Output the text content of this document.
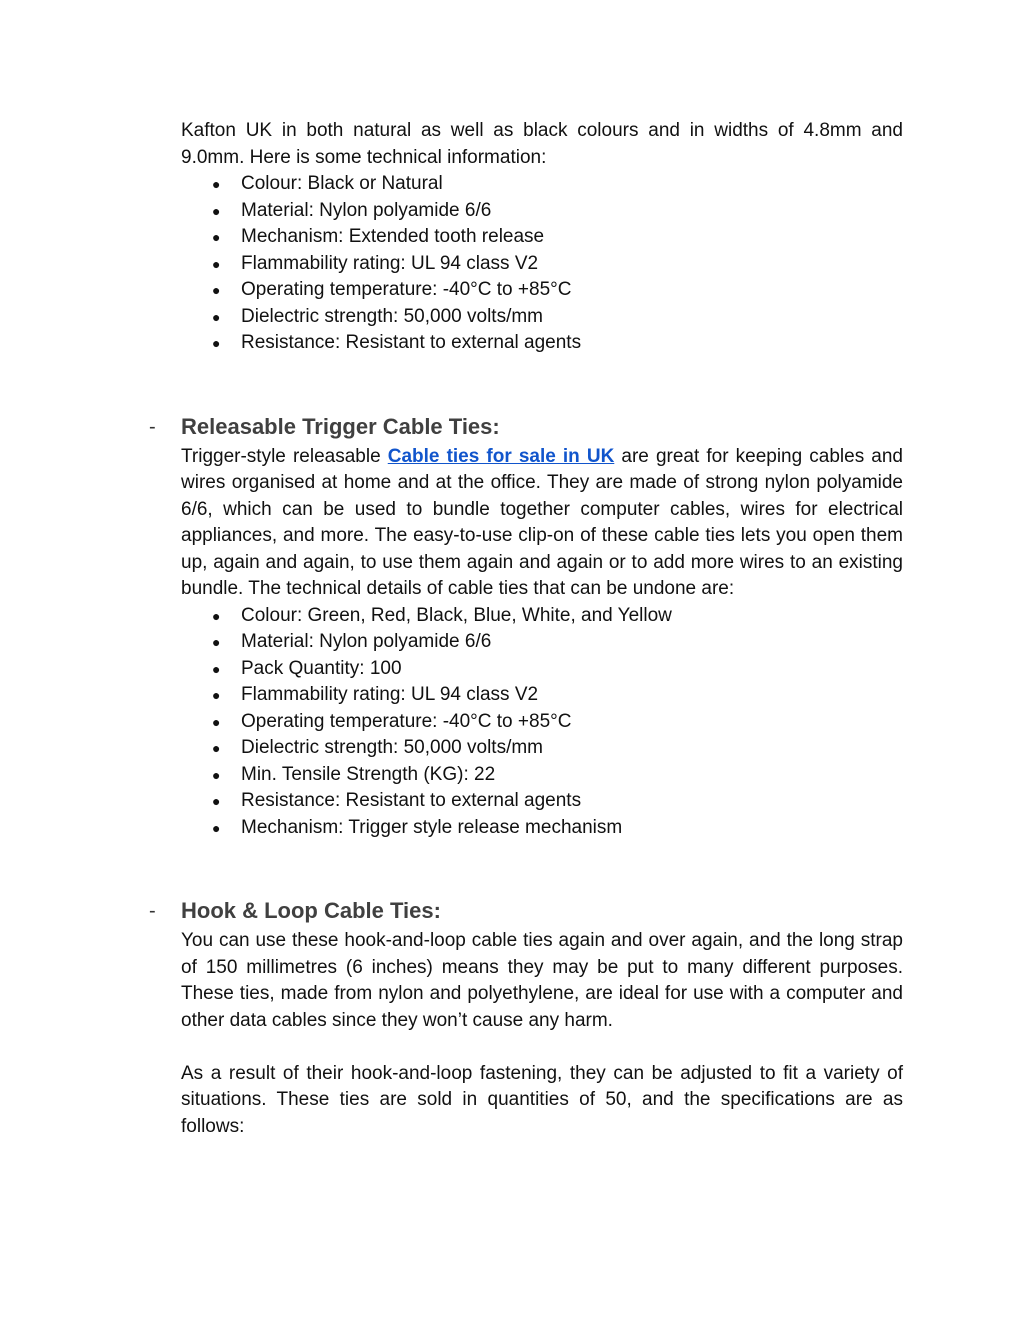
Kafton UK in both natural as well as black colours and in widths of 4.8mm and 9.0mm. Here is some technical information:

● Colour: Black or Natural
● Material: Nylon polyamide 6/6
● Mechanism: Extended tooth release
● Flammability rating: UL 94 class V2
● Operating temperature: -40°C to +85°C
● Dielectric strength: 50,000 volts/mm
● Resistance: Resistant to external agents
- Releasable Trigger Cable Ties:

Trigger-style releasable Cable ties for sale in UK are great for keeping cables and wires organised at home and at the office. They are made of strong nylon polyamide 6/6, which can be used to bundle together computer cables, wires for electrical appliances, and more. The easy-to-use clip-on of these cable ties lets you open them up, again and again, to use them again and again or to add more wires to an existing bundle. The technical details of cable ties that can be undone are:

● Colour: Green, Red, Black, Blue, White, and Yellow
● Material: Nylon polyamide 6/6
● Pack Quantity: 100
● Flammability rating: UL 94 class V2
● Operating temperature: -40°C to +85°C
● Dielectric strength: 50,000 volts/mm
● Min. Tensile Strength (KG): 22
● Resistance: Resistant to external agents
● Mechanism: Trigger style release mechanism
- Hook & Loop Cable Ties:

You can use these hook-and-loop cable ties again and over again, and the long strap of 150 millimetres (6 inches) means they may be put to many different purposes. These ties, made from nylon and polyethylene, are ideal for use with a computer and other data cables since they won’t cause any harm.

As a result of their hook-and-loop fastening, they can be adjusted to fit a variety of situations. These ties are sold in quantities of 50, and the specifications are as follows:
